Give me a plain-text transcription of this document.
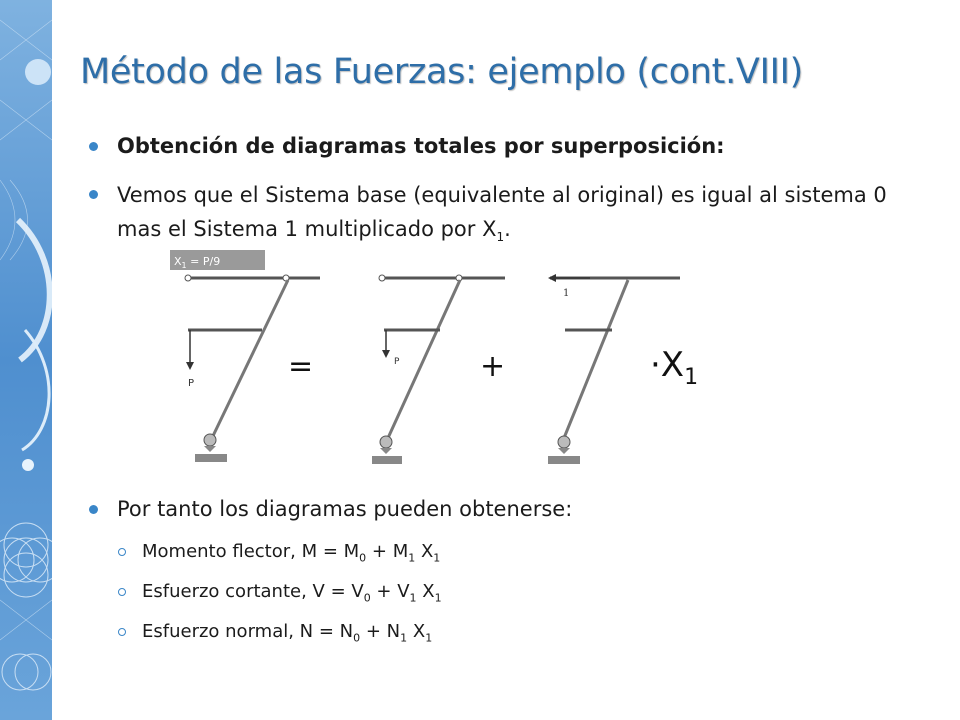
Método de las Fuerzas: ejemplo (cont.VIII)
Obtención de diagramas totales por superposición:
Vemos que el Sistema base (equivalente al original) es igual al sistema 0 mas el Sistema 1 multiplicado por $X_1$.
$X_1 = P/9$
P
P
1
=	+	$\cdot X_1$
Por tanto los diagramas pueden obtenerse:
Momento flector, $M = M_0 + M_1$ $X_1$
Esfuerzo cortante, $V = V_0 + V_1$ $X_1$
Esfuerzo normal, $N = N_0 + N_1$ $X_1$
